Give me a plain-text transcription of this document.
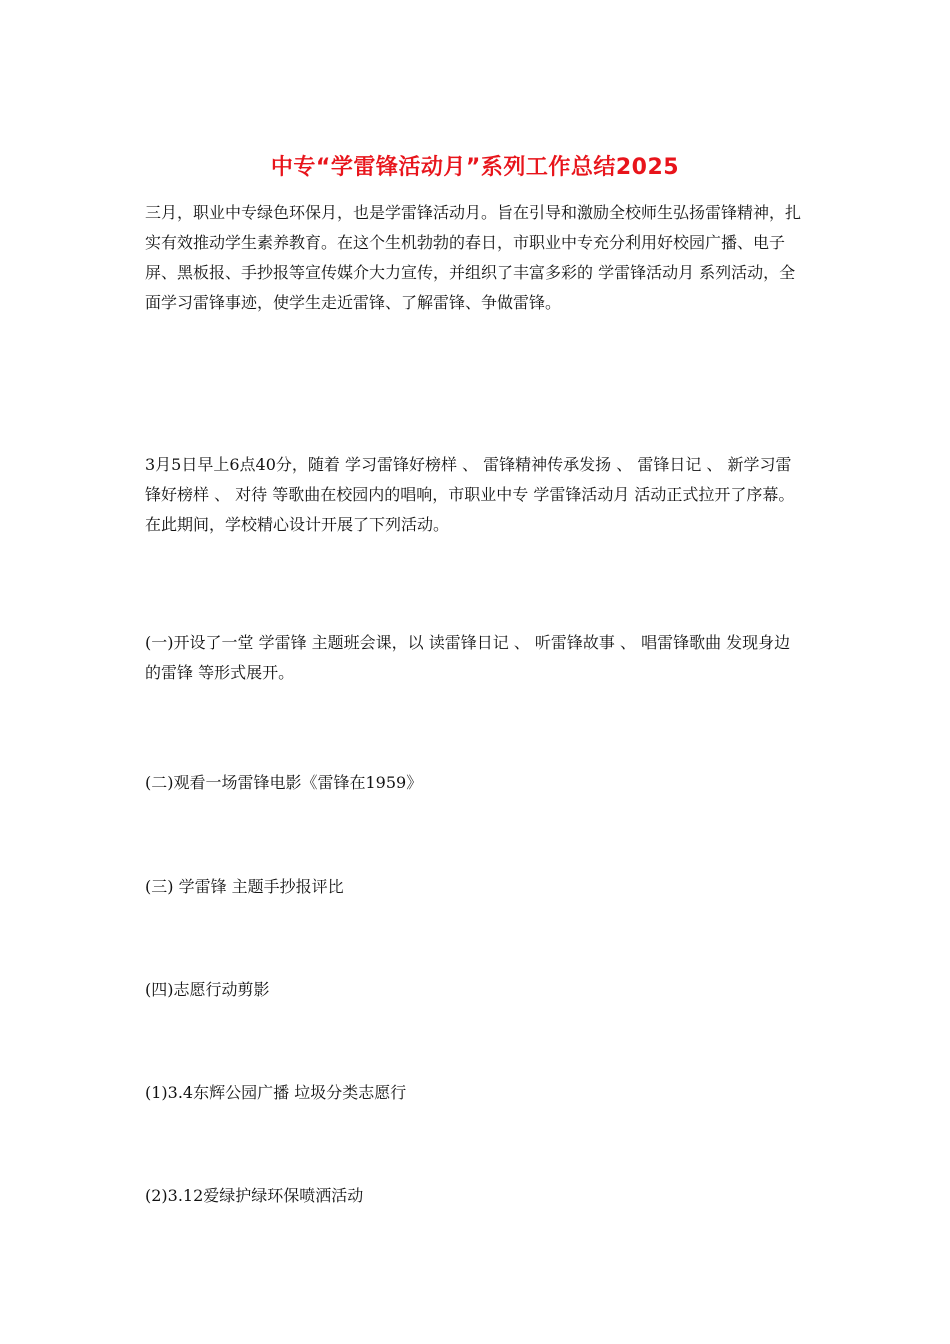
中专“学雷锋活动月”系列工作总结2025

三月，职业中专绿色环保月，也是学雷锋活动月。旨在引导和激励全校师生弘扬雷锋精神，扎实有效推动学生素养教育。在这个生机勃勃的春日，市职业中专充分利用好校园广播、电子屏、黑板报、手抄报等宣传媒介大力宣传，并组织了丰富多彩的 学雷锋活动月 系列活动，全面学习雷锋事迹，使学生走近雷锋、了解雷锋、争做雷锋。

3月5日早上6点40分，随着 学习雷锋好榜样 、 雷锋精神传承发扬 、 雷锋日记 、 新学习雷锋好榜样 、 对待 等歌曲在校园内的唱响，市职业中专 学雷锋活动月 活动正式拉开了序幕。在此期间，学校精心设计开展了下列活动。

(一)开设了一堂 学雷锋 主题班会课，以 读雷锋日记 、 听雷锋故事 、 唱雷锋歌曲 发现身边的雷锋 等形式展开。

(二)观看一场雷锋电影《雷锋在1959》

(三) 学雷锋 主题手抄报评比

(四)志愿行动剪影

(1)3.4东辉公园广播 垃圾分类志愿行

(2)3.12爱绿护绿环保喷洒活动
